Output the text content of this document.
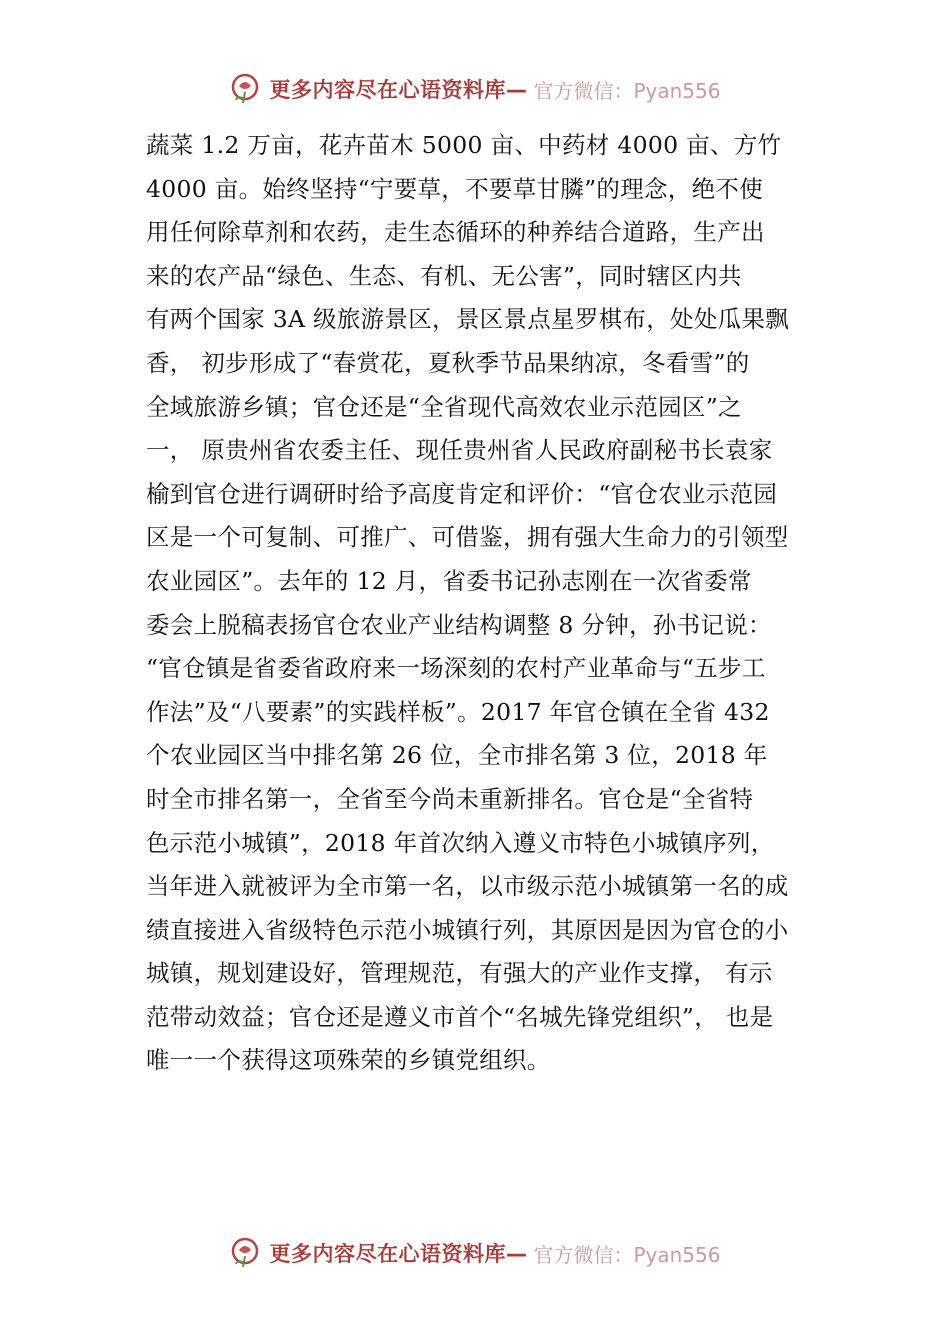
更多内容尽在心语资料库— 官方微信：Pyan556
蔬菜 1.2 万亩，花卉苗木 5000 亩、中药材 4000 亩、方竹
4000 亩。始终坚持“宁要草，不要草甘膦”的理念，绝不使
用任何除草剂和农药，走生态循环的种养结合道路，生产出
来的农产品“绿色、生态、有机、无公害”，同时辖区内共
有两个国家 3A 级旅游景区，景区景点星罗棋布，处处瓜果飘
香， 初步形成了“春赏花，夏秋季节品果纳凉，冬看雪”的
全域旅游乡镇；官仓还是“全省现代高效农业示范园区”之
一， 原贵州省农委主任、现任贵州省人民政府副秘书长袁家
榆到官仓进行调研时给予高度肯定和评价：“官仓农业示范园
区是一个可复制、可推广、可借鉴，拥有强大生命力的引领型
农业园区”。去年的 12 月，省委书记孙志刚在一次省委常
委会上脱稿表扬官仓农业产业结构调整 8 分钟，孙书记说：
“官仓镇是省委省政府来一场深刻的农村产业革命与“五步工
作法”及“八要素”的实践样板”。2017 年官仓镇在全省 432
个农业园区当中排名第 26 位，全市排名第 3 位，2018 年
时全市排名第一，全省至今尚未重新排名。官仓是“全省特
色示范小城镇”，2018 年首次纳入遵义市特色小城镇序列，
当年进入就被评为全市第一名，以市级示范小城镇第一名的成
绩直接进入省级特色示范小城镇行列，其原因是因为官仓的小
城镇，规划建设好，管理规范，有强大的产业作支撑， 有示
范带动效益；官仓还是遵义市首个“名城先锋党组织”， 也是
唯一一个获得这项殊荣的乡镇党组织。
更多内容尽在心语资料库— 官方微信：Pyan556
